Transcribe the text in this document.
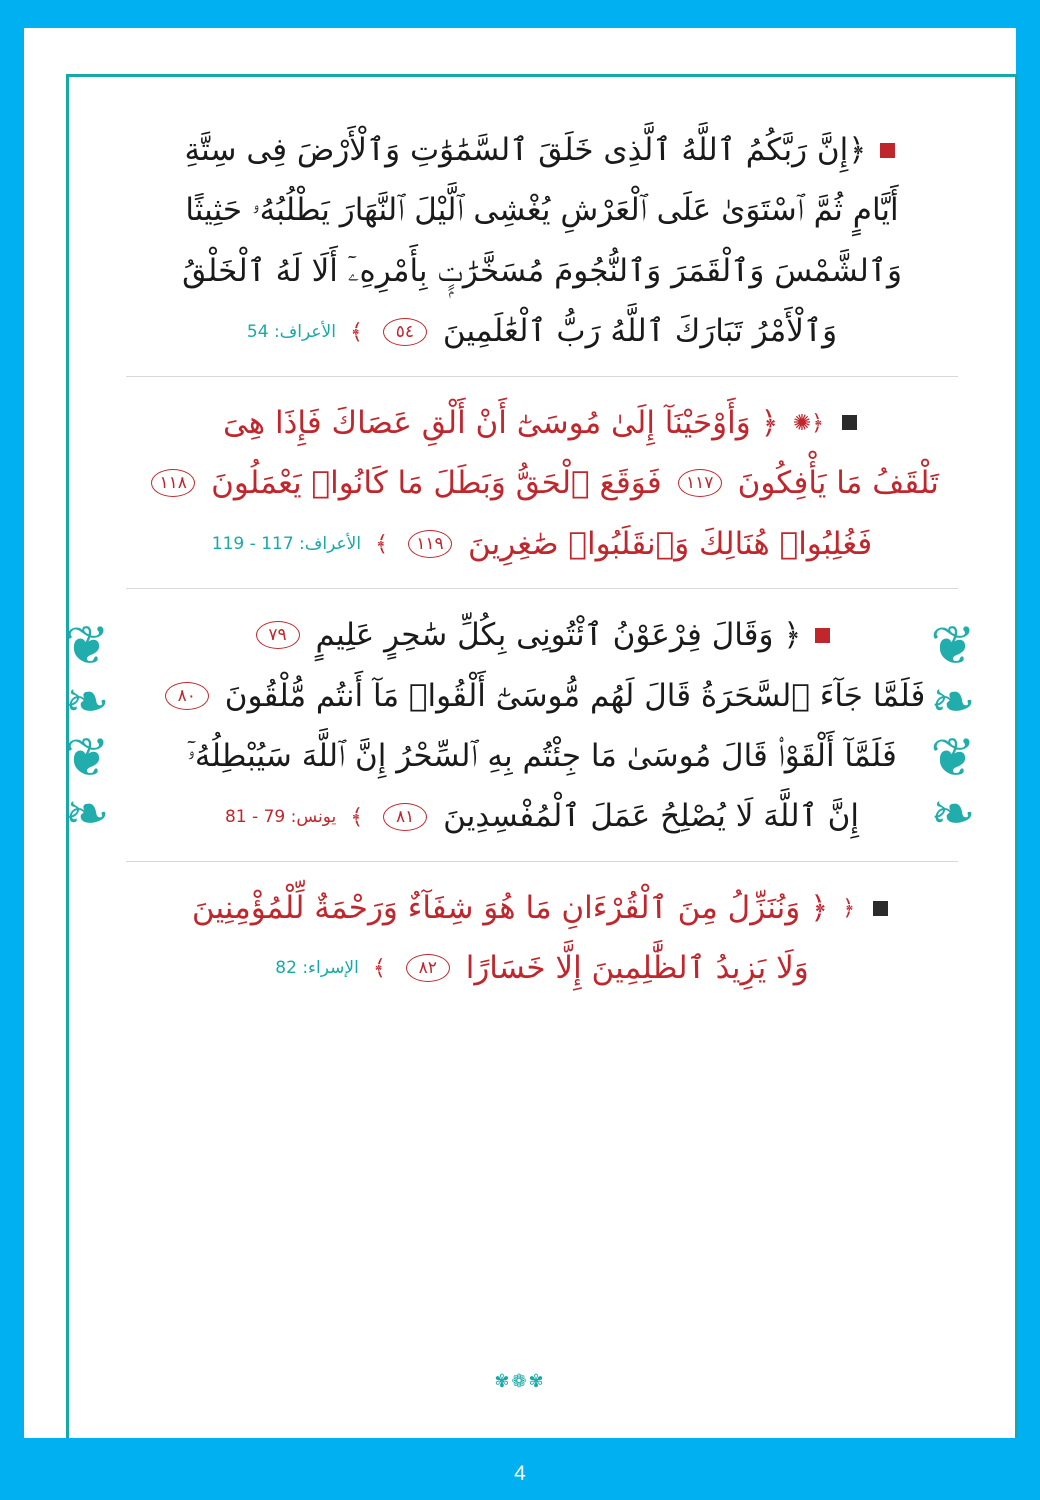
❦
❧
❦
❧
❦
❧
❦
❧
﴿إِنَّ رَبَّكُمُ ٱللَّهُ ٱلَّذِى خَلَقَ ٱلسَّمَٰوَٰتِ وَٱلْأَرْضَ فِى سِتَّةِ
أَيَّامٍ ثُمَّ ٱسْتَوَىٰ عَلَى ٱلْعَرْشِ يُغْشِى ٱلَّيْلَ ٱلنَّهَارَ يَطْلُبُهُۥ حَثِيثًا
وَٱلشَّمْسَ وَٱلْقَمَرَ وَٱلنُّجُومَ مُسَخَّرَٰتٍۭ بِأَمْرِهِۦٓ أَلَا لَهُ ٱلْخَلْقُ
وَٱلْأَمْرُ تَبَارَكَ ٱللَّهُ رَبُّ ٱلْعَٰلَمِينَ
٥٤
﴾
الأعراف: 54
﴿✺
﴿ وَأَوْحَيْنَآ إِلَىٰ مُوسَىٰٓ أَنْ أَلْقِ عَصَاكَ فَإِذَا هِىَ
تَلْقَفُ مَا يَأْفِكُونَ
١١٧
فَوَقَعَ ٱلْحَقُّ وَبَطَلَ مَا كَانُوا۟ يَعْمَلُونَ
١١٨
فَغُلِبُوا۟ هُنَالِكَ وَٱنقَلَبُوا۟ صَٰغِرِينَ
١١٩
﴾
الأعراف: 117 - 119
﴿ وَقَالَ فِرْعَوْنُ ٱئْتُونِى بِكُلِّ سَٰحِرٍ عَلِيمٍ
٧٩
فَلَمَّا جَآءَ ٱلسَّحَرَةُ قَالَ لَهُم مُّوسَىٰٓ أَلْقُوا۟ مَآ أَنتُم مُّلْقُونَ
٨٠
فَلَمَّآ أَلْقَوْا۟ قَالَ مُوسَىٰ مَا جِئْتُم بِهِ ٱلسِّحْرُ إِنَّ ٱللَّهَ سَيُبْطِلُهُۥٓ
إِنَّ ٱللَّهَ لَا يُصْلِحُ عَمَلَ ٱلْمُفْسِدِينَ
٨١
﴾
يونس: 79 - 81
﴿
﴿ وَنُنَزِّلُ مِنَ ٱلْقُرْءَانِ مَا هُوَ شِفَآءٌ وَرَحْمَةٌ لِّلْمُؤْمِنِينَ
وَلَا يَزِيدُ ٱلظَّٰلِمِينَ إِلَّا خَسَارًا
٨٢
﴾
الإسراء: 82
✾❁✾
4
